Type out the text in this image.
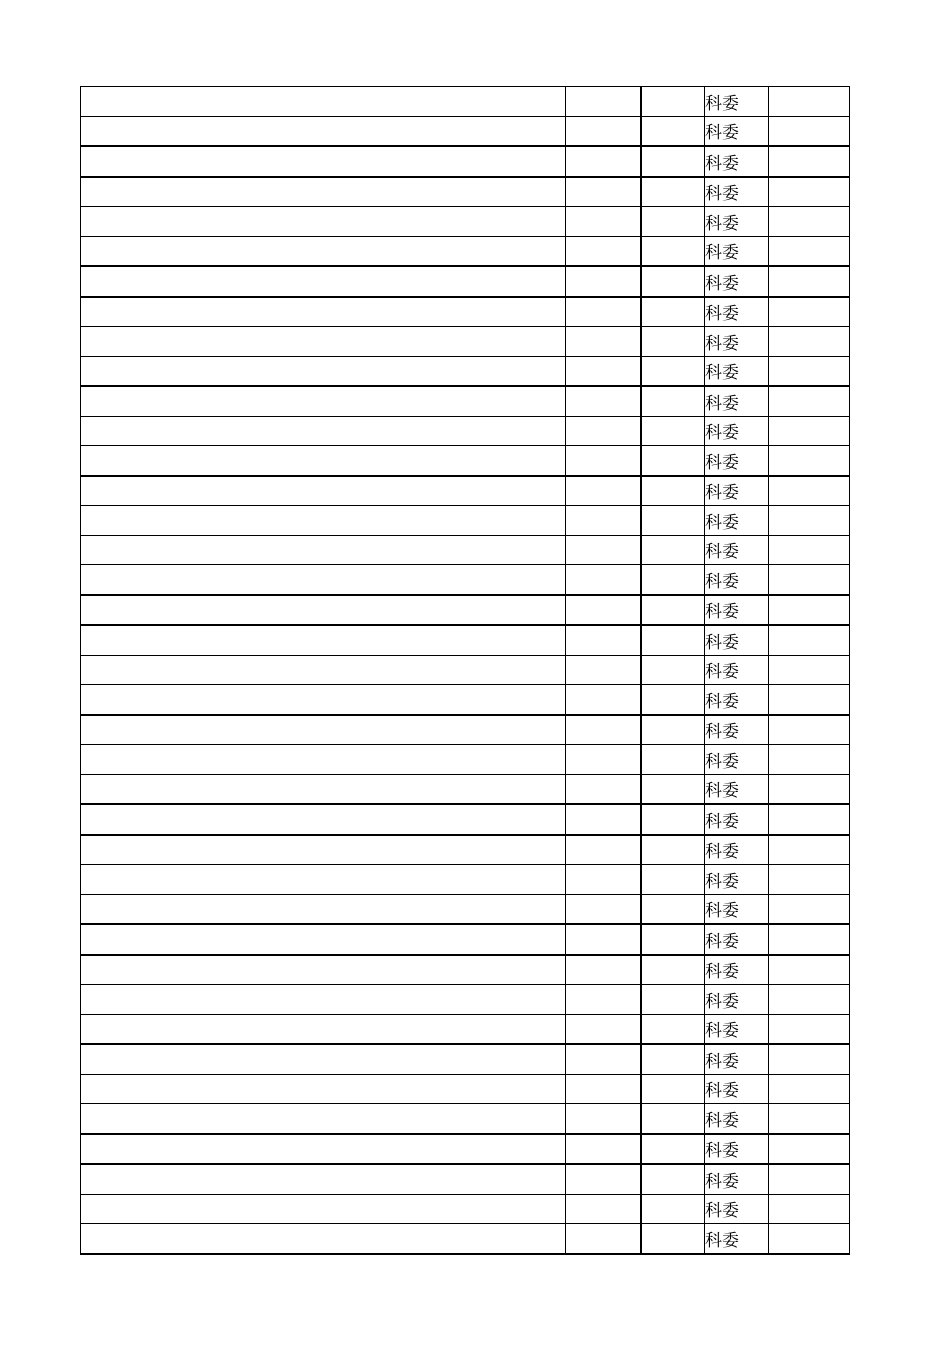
			科委	
			科委	
			科委	
			科委	
			科委	
			科委	
			科委	
			科委	
			科委	
			科委	
			科委	
			科委	
			科委	
			科委	
			科委	
			科委	
			科委	
			科委	
			科委	
			科委	
			科委	
			科委	
			科委	
			科委	
			科委	
			科委	
			科委	
			科委	
			科委	
			科委	
			科委	
			科委	
			科委	
			科委	
			科委	
			科委	
			科委	
			科委	
			科委	
